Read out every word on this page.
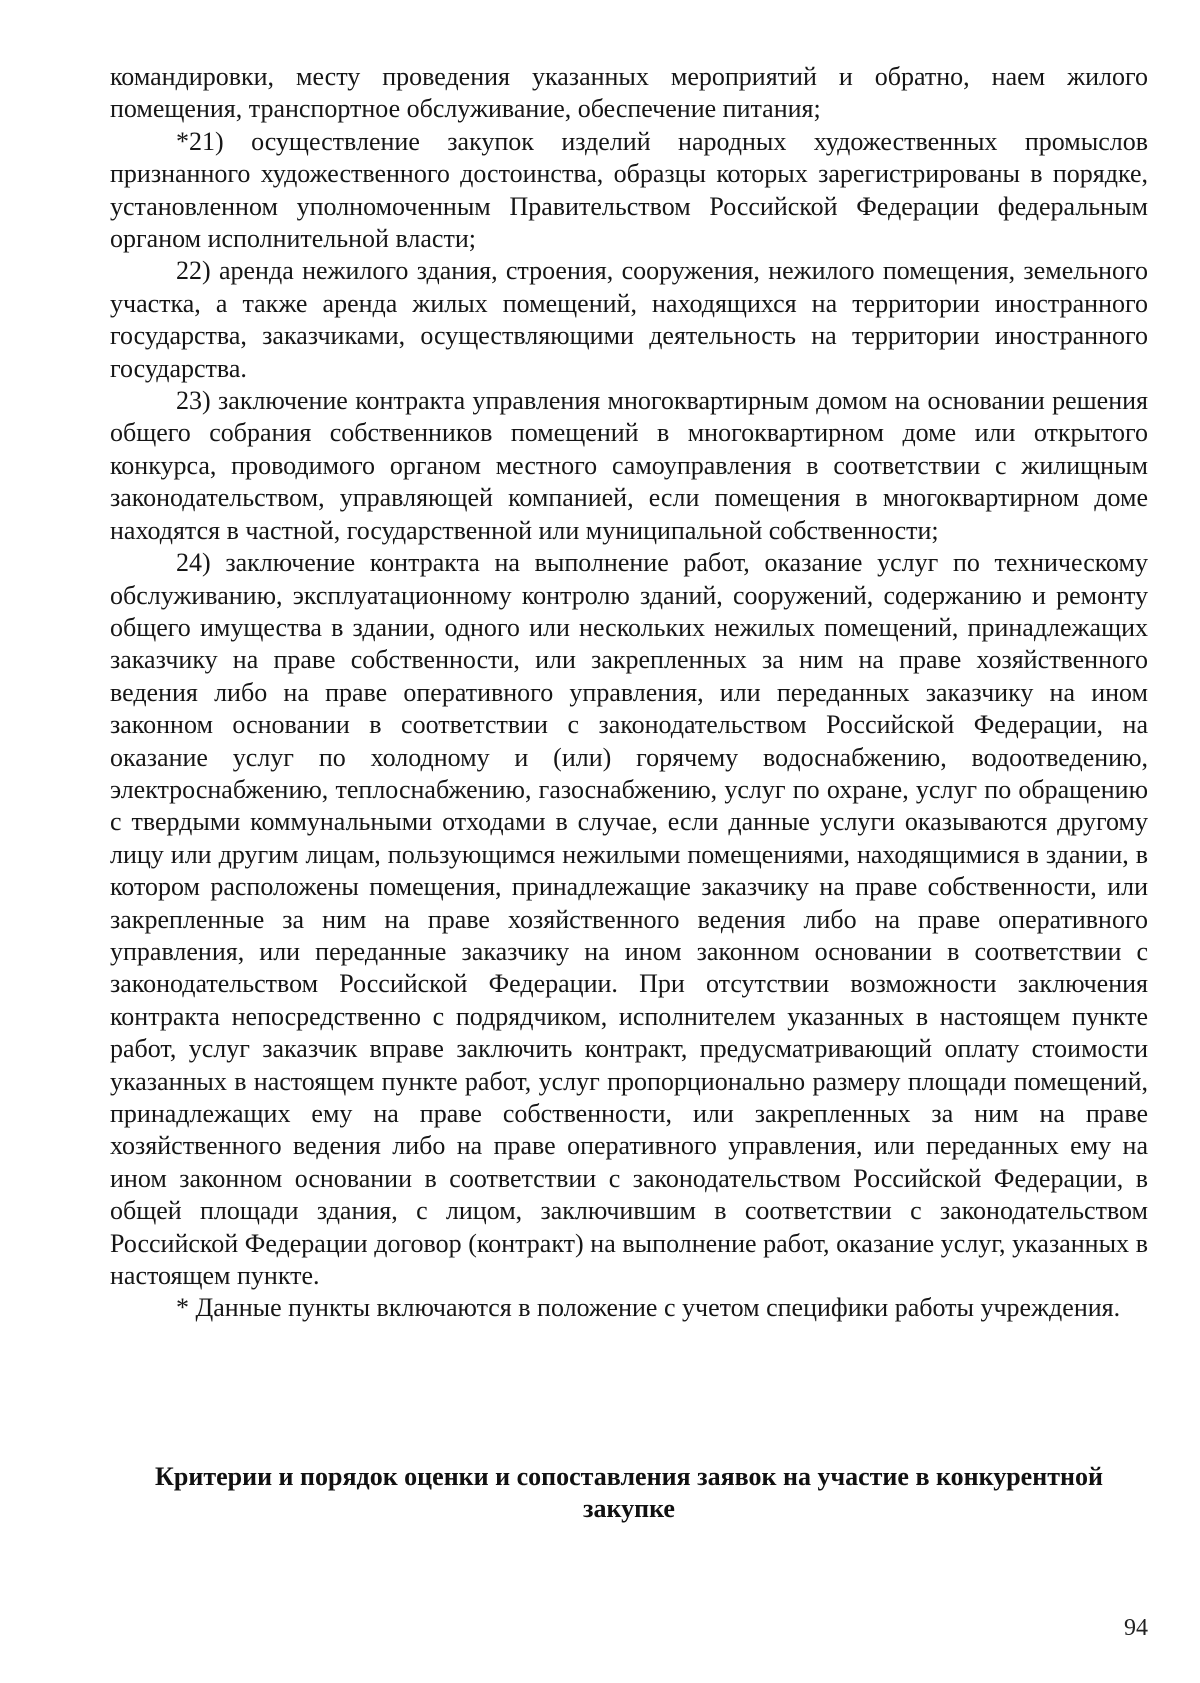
командировки, месту проведения указанных мероприятий и обратно, наем жилого помещения, транспортное обслуживание, обеспечение питания;

*21) осуществление закупок изделий народных художественных промыслов признанного художественного достоинства, образцы которых зарегистрированы в порядке, установленном уполномоченным Правительством Российской Федерации федеральным органом исполнительной власти;

22) аренда нежилого здания, строения, сооружения, нежилого помещения, земельного участка, а также аренда жилых помещений, находящихся на территории иностранного государства, заказчиками, осуществляющими деятельность на территории иностранного государства.

23) заключение контракта управления многоквартирным домом на основании решения общего собрания собственников помещений в многоквартирном доме или открытого конкурса, проводимого органом местного самоуправления в соответствии с жилищным законодательством, управляющей компанией, если помещения в многоквартирном доме находятся в частной, государственной или муниципальной собственности;

24) заключение контракта на выполнение работ, оказание услуг по техническому обслуживанию, эксплуатационному контролю зданий, сооружений, содержанию и ремонту общего имущества в здании, одного или нескольких нежилых помещений, принадлежащих заказчику на праве собственности, или закрепленных за ним на праве хозяйственного ведения либо на праве оперативного управления, или переданных заказчику на ином законном основании в соответствии с законодательством Российской Федерации, на оказание услуг по холодному и (или) горячему водоснабжению, водоотведению, электроснабжению, теплоснабжению, газоснабжению, услуг по охране, услуг по обращению с твердыми коммунальными отходами в случае, если данные услуги оказываются другому лицу или другим лицам, пользующимся нежилыми помещениями, находящимися в здании, в котором расположены помещения, принадлежащие заказчику на праве собственности, или закрепленные за ним на праве хозяйственного ведения либо на праве оперативного управления, или переданные заказчику на ином законном основании в соответствии с законодательством Российской Федерации. При отсутствии возможности заключения контракта непосредственно с подрядчиком, исполнителем указанных в настоящем пункте работ, услуг заказчик вправе заключить контракт, предусматривающий оплату стоимости указанных в настоящем пункте работ, услуг пропорционально размеру площади помещений, принадлежащих ему на праве собственности, или закрепленных за ним на праве хозяйственного ведения либо на праве оперативного управления, или переданных ему на ином законном основании в соответствии с законодательством Российской Федерации, в общей площади здания, с лицом, заключившим в соответствии с законодательством Российской Федерации договор (контракт) на выполнение работ, оказание услуг, указанных в настоящем пункте.

* Данные пункты включаются в положение с учетом специфики работы учреждения.

Критерии и порядок оценки и сопоставления заявок на участие в конкурентной закупке
94
